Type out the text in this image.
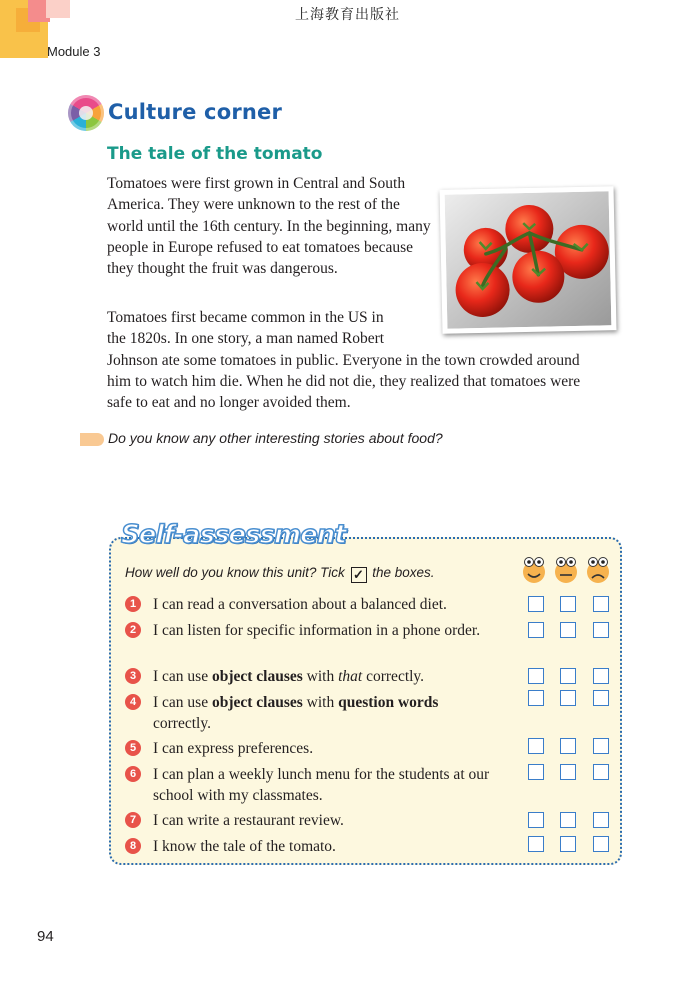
上海教育出版社
Module 3
Culture corner
The tale of the tomato

Tomatoes were first grown in Central and South America. They were unknown to the rest of the world until the 16th century. In the beginning, many people in Europe refused to eat tomatoes because they thought the fruit was dangerous.

Tomatoes first became common in the US in
the 1820s. In one story, a man named Robert
Johnson ate some tomatoes in public. Everyone in the town crowded around him to watch him die. When he did not die, they realized that tomatoes were safe to eat and no longer avoided them.

Do you know any other interesting stories about food?
Self-assessment
How well do you know this unit? Tick ✓ the boxes.
1	I can read a conversation about a balanced diet.
2	I can listen for specific information in a phone order.
3	I can use object clauses with that correctly.
4	I can use object clauses with question words correctly.
5	I can express preferences.
6	I can plan a weekly lunch menu for the students at our school with my classmates.
7	I can write a restaurant review.
8	I know the tale of the tomato.
94
